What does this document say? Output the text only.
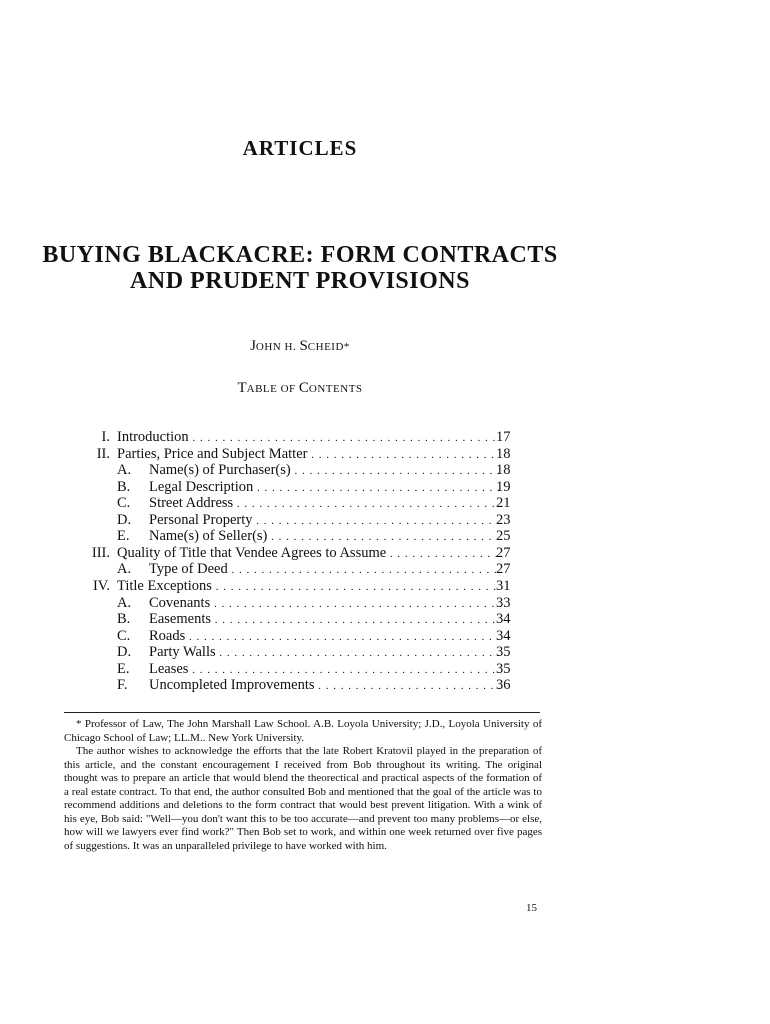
ARTICLES
BUYING BLACKACRE: FORM CONTRACTS
AND PRUDENT PROVISIONS
JOHN H. SCHEID*
TABLE OF CONTENTS
I. Introduction . . .	17
II. Parties, Price and Subject Matter . . .	18
A. Name(s) of Purchaser(s) . . .	18
B. Legal Description . . .	19
C. Street Address . . .	21
D. Personal Property . . .	23
E. Name(s) of Seller(s) . . .	25
III. Quality of Title that Vendee Agrees to Assume . . .	27
A. Type of Deed . . .	27
IV. Title Exceptions . . .	31
A. Covenants . . .	33
B. Easements . . .	34
C. Roads . . .	34
D. Party Walls . . .	35
E. Leases . . .	35
F. Uncompleted Improvements . . .	36

* Professor of Law, The John Marshall Law School. A.B. Loyola University; J.D., Loyola University of Chicago School of Law; LL.M.. New York University.

The author wishes to acknowledge the efforts that the late Robert Kratovil played in the preparation of this article, and the constant encouragement I received from Bob throughout its writing. The original thought was to prepare an article that would blend the theorectical and practical aspects of the formation of a real estate contract. To that end, the author consulted Bob and mentioned that the goal of the article was to recommend additions and deletions to the form contract that would best prevent litigation. With a wink of his eye, Bob said: "Well—you don't want this to be too accurate—and prevent too many problems—or else, how will we lawyers ever find work?" Then Bob set to work, and within one week returned over five pages of suggestions. It was an unparalleled privilege to have worked with him.

15
